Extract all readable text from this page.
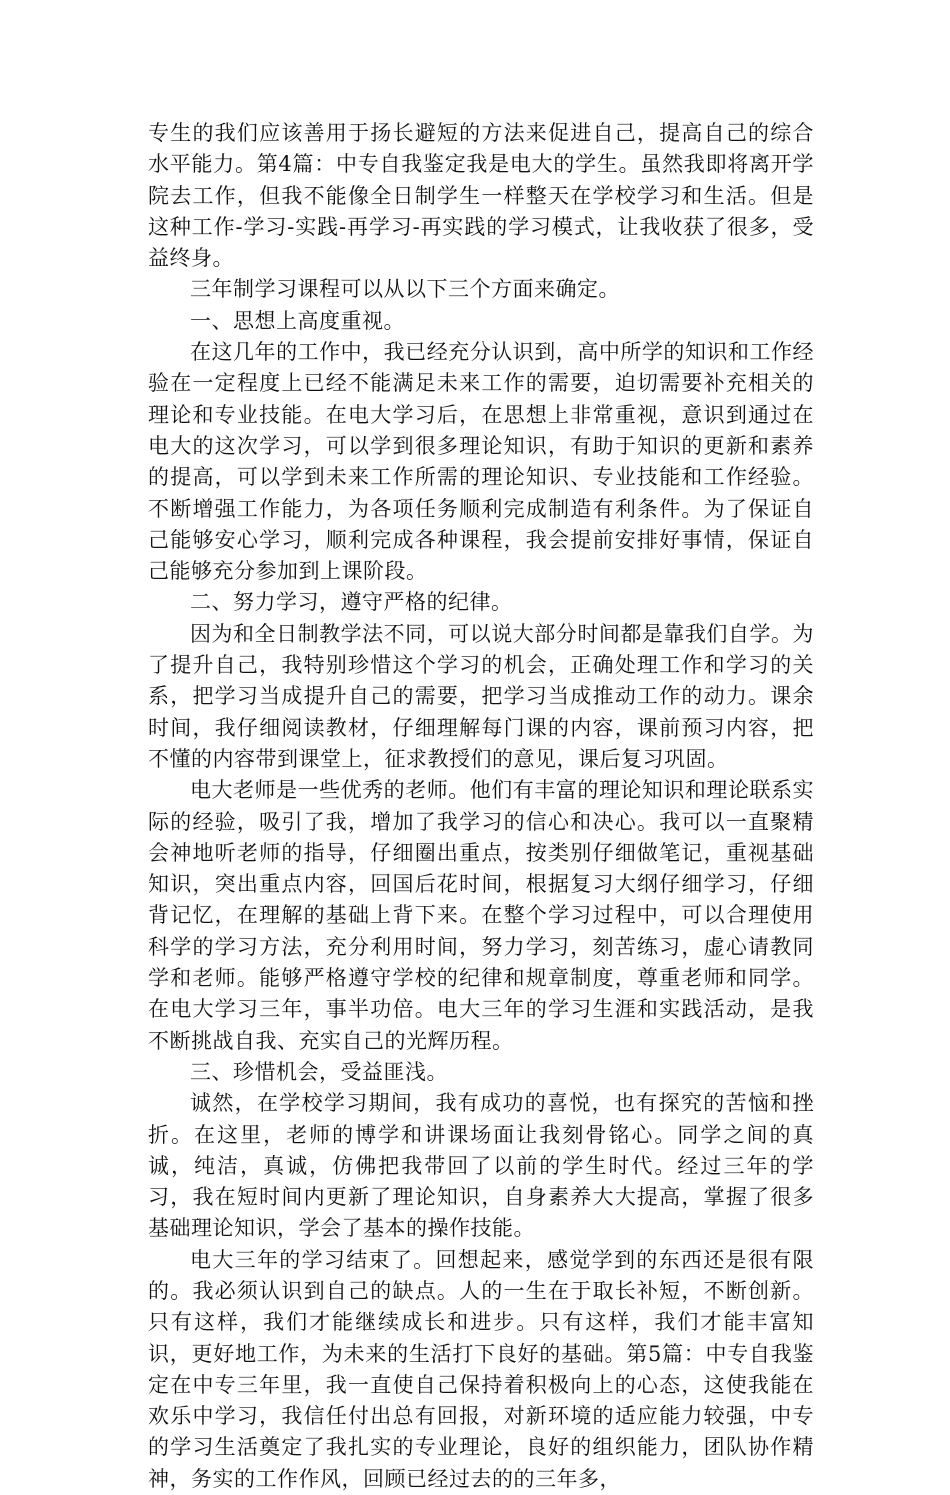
专生的我们应该善用于扬长避短的方法来促进自己，提高自己的综合水平能力。第4篇：中专自我鉴定我是电大的学生。虽然我即将离开学院去工作，但我不能像全日制学生一样整天在学校学习和生活。但是这种工作-学习-实践-再学习-再实践的学习模式，让我收获了很多，受益终身。

三年制学习课程可以从以下三个方面来确定。

一、思想上高度重视。

在这几年的工作中，我已经充分认识到，高中所学的知识和工作经验在一定程度上已经不能满足未来工作的需要，迫切需要补充相关的理论和专业技能。在电大学习后，在思想上非常重视，意识到通过在电大的这次学习，可以学到很多理论知识，有助于知识的更新和素养的提高，可以学到未来工作所需的理论知识、专业技能和工作经验。不断增强工作能力，为各项任务顺利完成制造有利条件。为了保证自己能够安心学习，顺利完成各种课程，我会提前安排好事情，保证自己能够充分参加到上课阶段。

二、努力学习，遵守严格的纪律。

因为和全日制教学法不同，可以说大部分时间都是靠我们自学。为了提升自己，我特别珍惜这个学习的机会，正确处理工作和学习的关系，把学习当成提升自己的需要，把学习当成推动工作的动力。课余时间，我仔细阅读教材，仔细理解每门课的内容，课前预习内容，把不懂的内容带到课堂上，征求教授们的意见，课后复习巩固。

电大老师是一些优秀的老师。他们有丰富的理论知识和理论联系实际的经验，吸引了我，增加了我学习的信心和决心。我可以一直聚精会神地听老师的指导，仔细圈出重点，按类别仔细做笔记，重视基础知识，突出重点内容，回国后花时间，根据复习大纲仔细学习，仔细背记忆，在理解的基础上背下来。在整个学习过程中，可以合理使用科学的学习方法，充分利用时间，努力学习，刻苦练习，虚心请教同学和老师。能够严格遵守学校的纪律和规章制度，尊重老师和同学。在电大学习三年，事半功倍。电大三年的学习生涯和实践活动，是我不断挑战自我、充实自己的光辉历程。

三、珍惜机会，受益匪浅。

诚然，在学校学习期间，我有成功的喜悦，也有探究的苦恼和挫折。在这里，老师的博学和讲课场面让我刻骨铭心。同学之间的真诚，纯洁，真诚，仿佛把我带回了以前的学生时代。经过三年的学习，我在短时间内更新了理论知识，自身素养大大提高，掌握了很多基础理论知识，学会了基本的操作技能。

电大三年的学习结束了。回想起来，感觉学到的东西还是很有限的。我必须认识到自己的缺点。人的一生在于取长补短，不断创新。只有这样，我们才能继续成长和进步。只有这样，我们才能丰富知识，更好地工作，为未来的生活打下良好的基础。第5篇：中专自我鉴定在中专三年里，我一直使自己保持着积极向上的心态，这使我能在欢乐中学习，我信任付出总有回报，对新环境的适应能力较强，中专的学习生活奠定了我扎实的专业理论，良好的组织能力，团队协作精神，务实的工作作风，回顾已经过去的的三年多，
